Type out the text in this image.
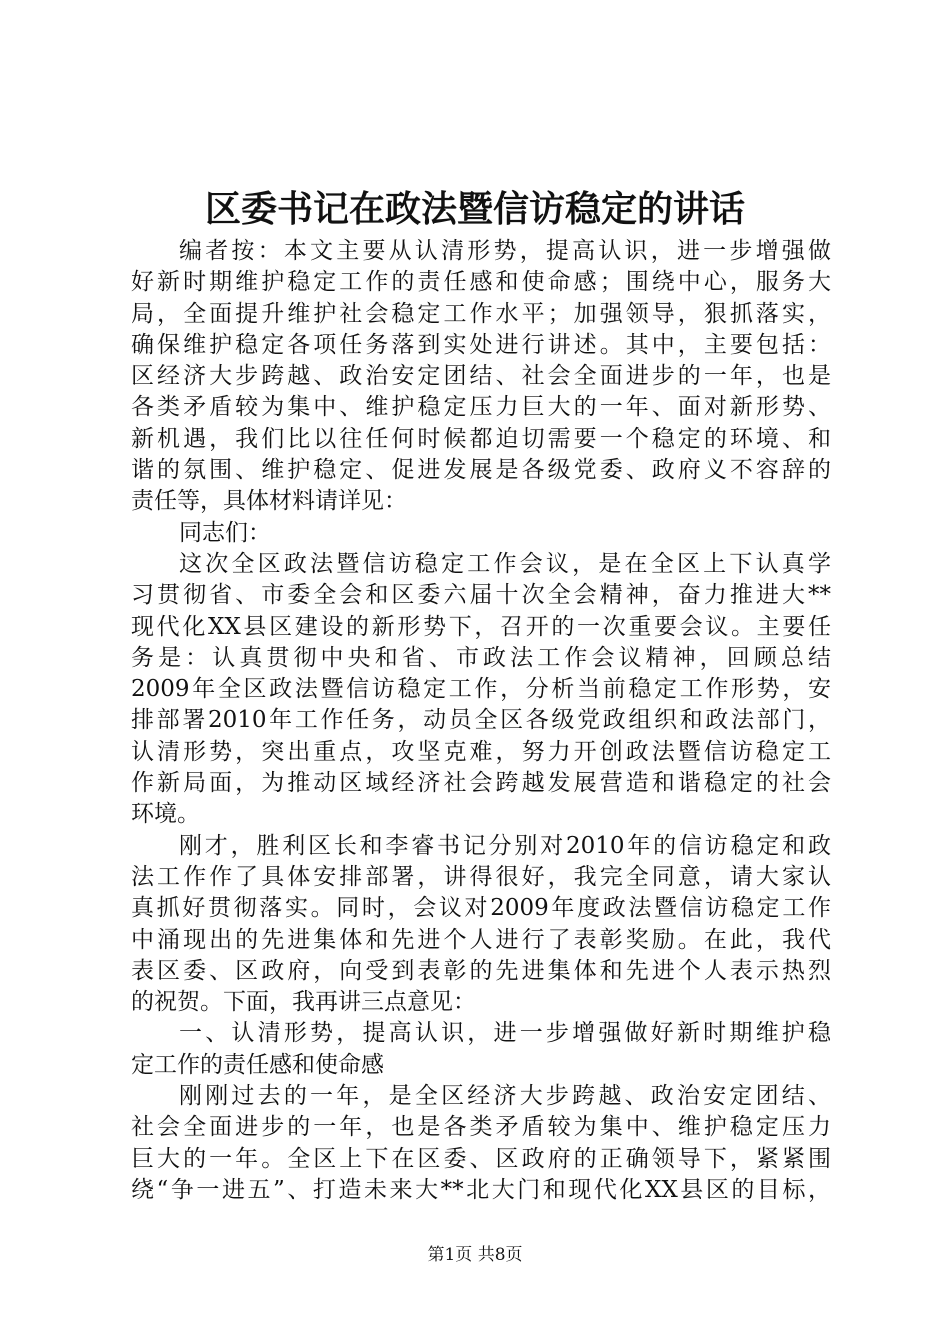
区委书记在政法暨信访稳定的讲话
编者按：本文主要从认清形势，提高认识，进一步增强做
好新时期维护稳定工作的责任感和使命感；围绕中心，服务大
局，全面提升维护社会稳定工作水平；加强领导，狠抓落实，
确保维护稳定各项任务落到实处进行讲述。其中，主要包括：
区经济大步跨越、政治安定团结、社会全面进步的一年，也是
各类矛盾较为集中、维护稳定压力巨大的一年、面对新形势、
新机遇，我们比以往任何时候都迫切需要一个稳定的环境、和
谐的氛围、维护稳定、促进发展是各级党委、政府义不容辞的
责任等，具体材料请详见：
同志们：
这次全区政法暨信访稳定工作会议，是在全区上下认真学
习贯彻省、市委全会和区委六届十次全会精神，奋力推进大**
现代化XX县区建设的新形势下，召开的一次重要会议。主要任
务是：认真贯彻中央和省、市政法工作会议精神，回顾总结
2009年全区政法暨信访稳定工作，分析当前稳定工作形势，安
排部署2010年工作任务，动员全区各级党政组织和政法部门，
认清形势，突出重点，攻坚克难，努力开创政法暨信访稳定工
作新局面，为推动区域经济社会跨越发展营造和谐稳定的社会
环境。
刚才，胜利区长和李睿书记分别对2010年的信访稳定和政
法工作作了具体安排部署，讲得很好，我完全同意，请大家认
真抓好贯彻落实。同时，会议对2009年度政法暨信访稳定工作
中涌现出的先进集体和先进个人进行了表彰奖励。在此，我代
表区委、区政府，向受到表彰的先进集体和先进个人表示热烈
的祝贺。下面，我再讲三点意见：
一、认清形势，提高认识，进一步增强做好新时期维护稳
定工作的责任感和使命感
刚刚过去的一年，是全区经济大步跨越、政治安定团结、
社会全面进步的一年，也是各类矛盾较为集中、维护稳定压力
巨大的一年。全区上下在区委、区政府的正确领导下，紧紧围
绕“争一进五”、打造未来大**北大门和现代化XX县区的目标，
第1页 共8页
